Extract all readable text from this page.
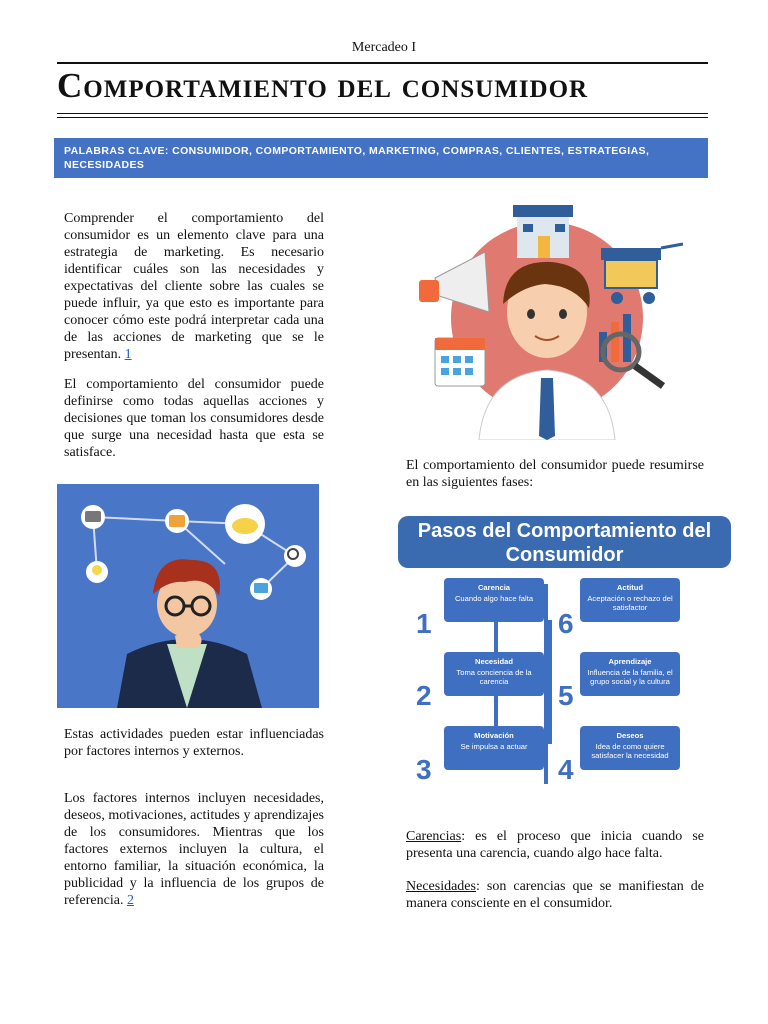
Mercadeo I
Comportamiento del consumidor
PALABRAS CLAVE: CONSUMIDOR, COMPORTAMIENTO, MARKETING, COMPRAS, CLIENTES, ESTRATEGIAS, NECESIDADES

Comprender el comportamiento del consumidor es un elemento clave para una estrategia de marketing. Es necesario identificar cuáles son las necesidades y expectativas del cliente sobre las cuales se puede influir, ya que esto es importante para conocer cómo este podrá interpretar cada una de las acciones de marketing que se le presentan. 1

El comportamiento del consumidor puede definirse como todas aquellas acciones y decisiones que toman los consumidores desde que surge una necesidad hasta que esta se satisface.

Estas actividades pueden estar influenciadas por factores internos y externos.

Los factores internos incluyen necesidades, deseos, motivaciones, actitudes y aprendizajes de los consumidores. Mientras que los factores externos incluyen la cultura, el entorno familiar, la situación económica, la publicidad y la influencia de los grupos de referencia. 2

El comportamiento del consumidor puede resumirse en las siguientes fases:

Pasos del Comportamiento del
Consumidor
1
Carencia
Cuando algo hace falta
2
Necesidad
Toma conciencia de la carencia
3
Motivación
Se impulsa a actuar
4
Deseos
Idea de como quiere satisfacer la necesidad
5
Aprendizaje
Influencia de la familia, el grupo social y la cultura
6
Actitud
Aceptación o rechazo del satisfactor

Carencias: es el proceso que inicia cuando se presenta una carencia, cuando algo hace falta.

Necesidades: son carencias que se manifiestan de manera consciente en el consumidor.
